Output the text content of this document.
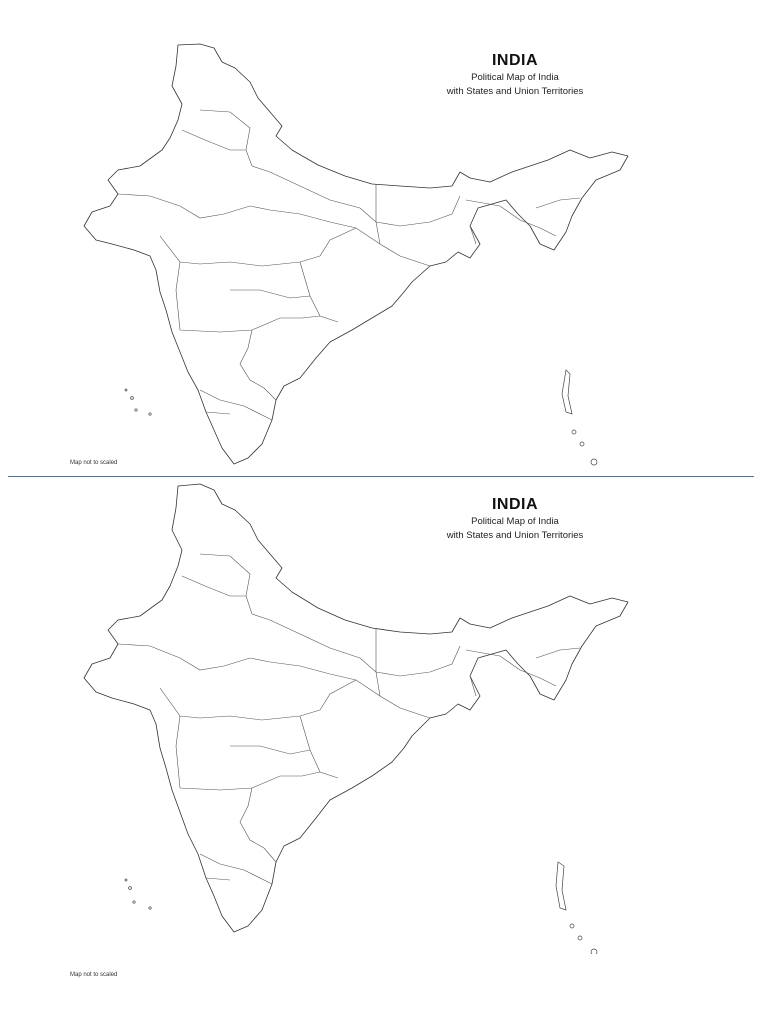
INDIA
Political Map of India
with States and Union Territories
Map not to scaled
INDIA
Political Map of India
with States and Union Territories
Map not to scaled
